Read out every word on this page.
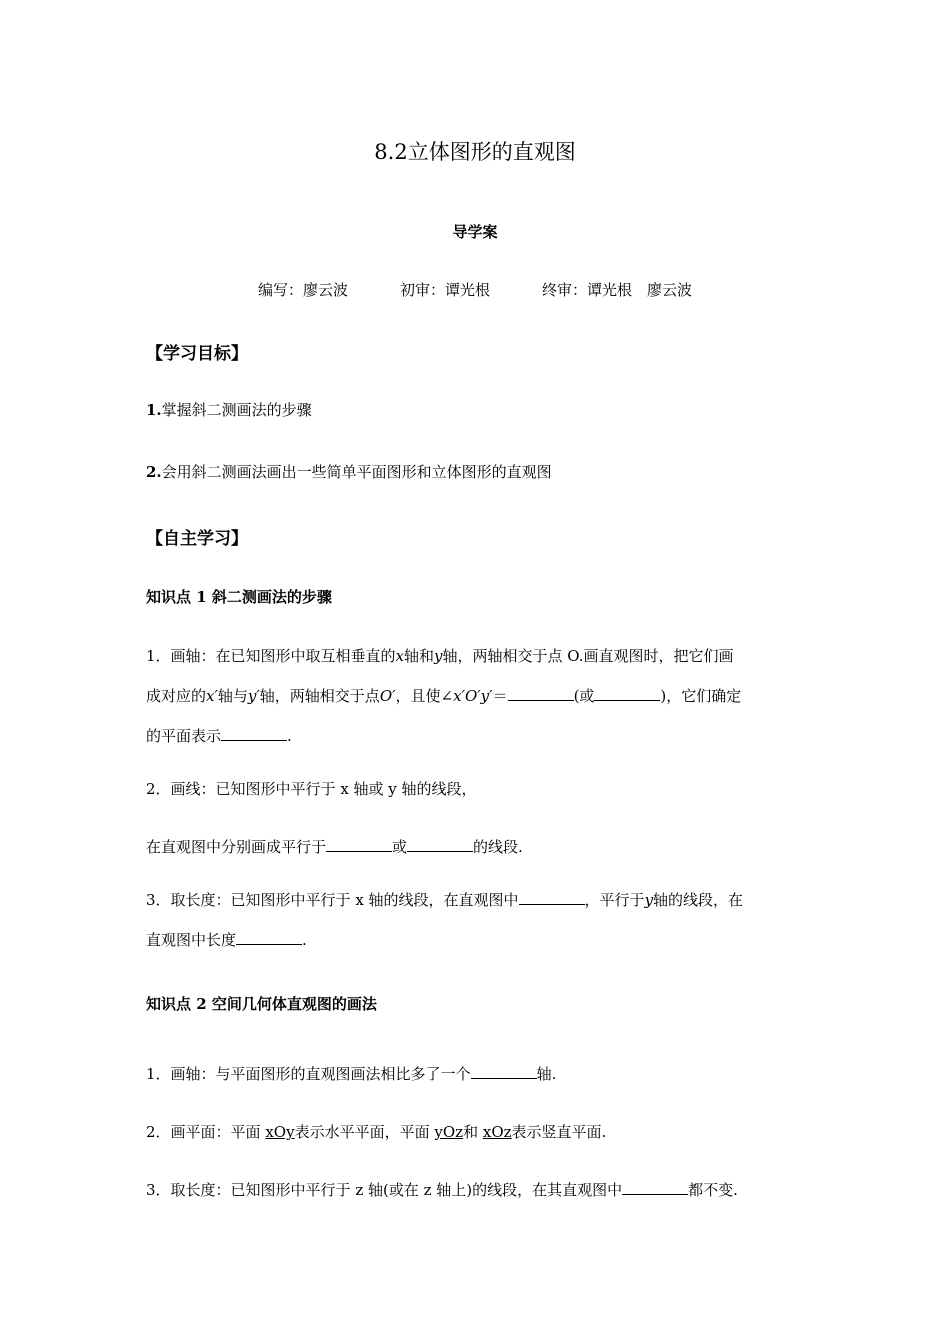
8.2立体图形的直观图
导学案
编写：廖云波	初审：谭光根	终审：谭光根　廖云波
【学习目标】
1.掌握斜二测画法的步骤
2.会用斜二测画法画出一些简单平面图形和立体图形的直观图
【自主学习】
知识点 1 斜二测画法的步骤
1．画轴：在已知图形中取互相垂直的x轴和y轴，两轴相交于点 O.画直观图时，把它们画
成对应的x′轴与y′轴，两轴相交于点O′，且使∠x′O′y′＝	(或	)，它们确定
的平面表示	.
2．画线：已知图形中平行于 x 轴或 y 轴的线段，
在直观图中分别画成平行于	或	的线段.
3．取长度：已知图形中平行于 x 轴的线段，在直观图中	，平行于y轴的线段，在
直观图中长度	.
知识点 2 空间几何体直观图的画法
1．画轴：与平面图形的直观图画法相比多了一个	轴.
2．画平面：平面 xOy表示水平平面，平面 yOz和 xOz表示竖直平面.
3．取长度：已知图形中平行于 z 轴(或在 z 轴上)的线段，在其直观图中	都不变.
